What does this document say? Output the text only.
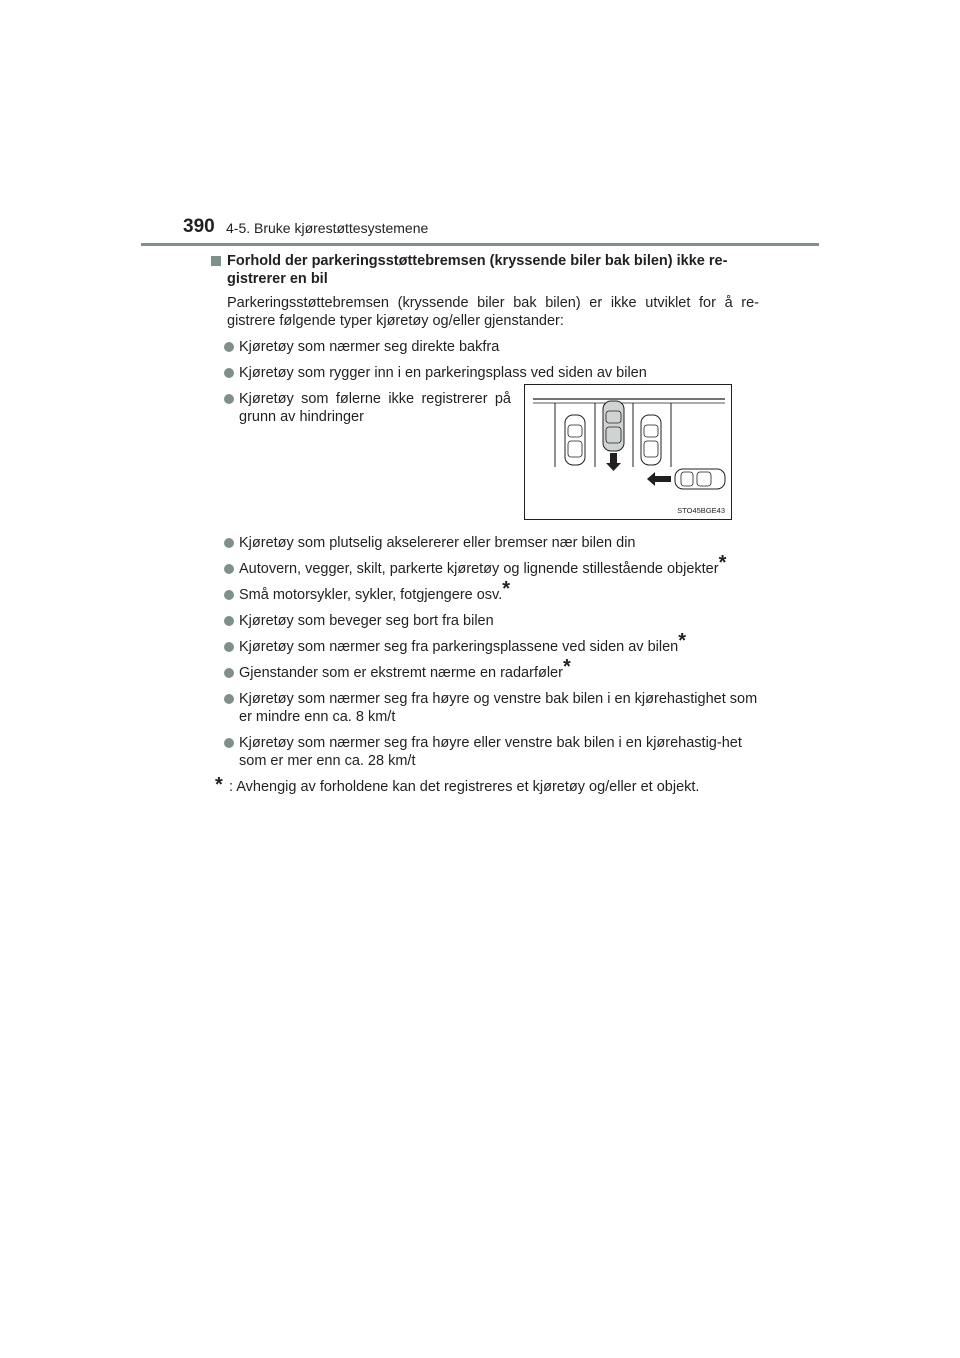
390 4-5. Bruke kjørestøttesystemene
Forhold der parkeringsstøttebremsen (kryssende biler bak bilen) ikke re-gistrerer en bil
Parkeringsstøttebremsen (kryssende biler bak bilen) er ikke utviklet for å re-gistrere følgende typer kjøretøy og/eller gjenstander:
Kjøretøy som nærmer seg direkte bakfra
Kjøretøy som rygger inn i en parkeringsplass ved siden av bilen
Kjøretøy som følerne ikke registrerer på grunn av hindringer
Kjøretøy som plutselig akselererer eller bremser nær bilen din
Autovern, vegger, skilt, parkerte kjøretøy og lignende stillestående objekter*
Små motorsykler, sykler, fotgjengere osv.*
Kjøretøy som beveger seg bort fra bilen
Kjøretøy som nærmer seg fra parkeringsplassene ved siden av bilen*
Gjenstander som er ekstremt nærme en radarføler*
Kjøretøy som nærmer seg fra høyre og venstre bak bilen i en kjørehastighet som er mindre enn ca. 8 km/t
Kjøretøy som nærmer seg fra høyre eller venstre bak bilen i en kjørehastig-het som er mer enn ca. 28 km/t
* : Avhengig av forholdene kan det registreres et kjøretøy og/eller et objekt.
STO45BGE43
